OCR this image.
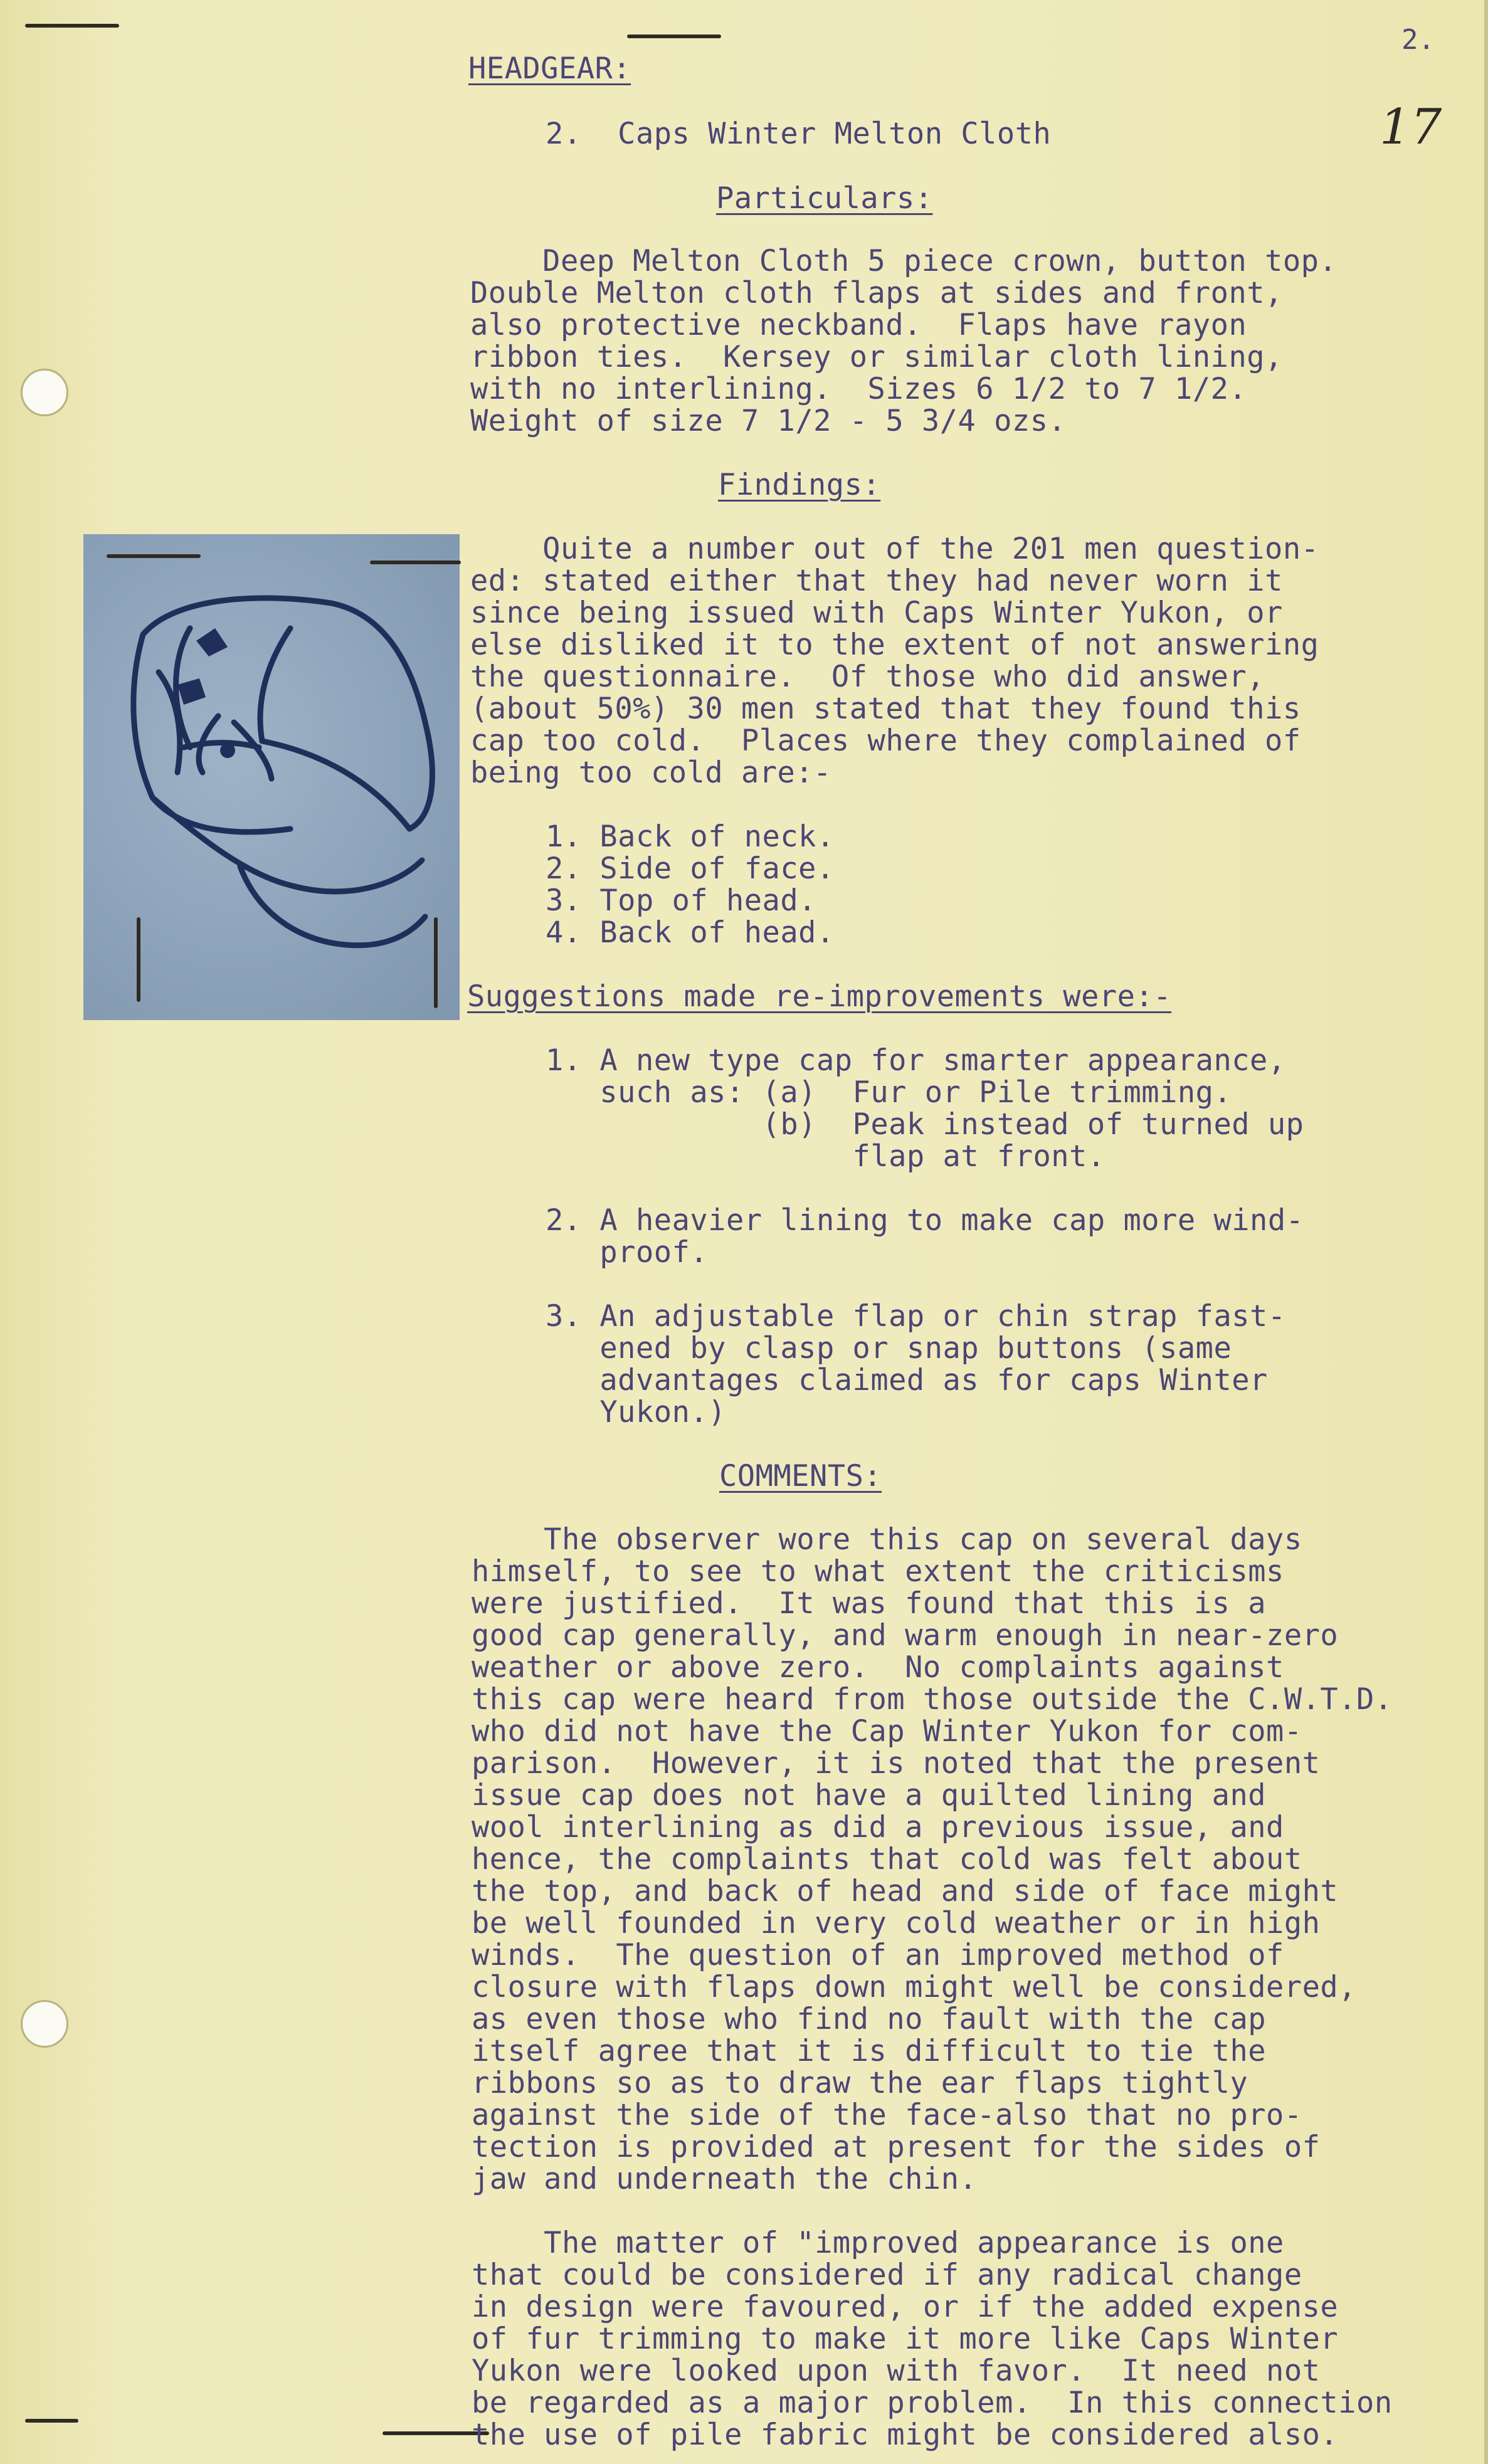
2.
17
HEADGEAR:
2.  Caps Winter Melton Cloth
Particulars:
Deep Melton Cloth 5 piece crown, button top.
Double Melton cloth flaps at sides and front,
also protective neckband.  Flaps have rayon
ribbon ties.  Kersey or similar cloth lining,
with no interlining.  Sizes 6 1/2 to 7 1/2.
Weight of size 7 1/2 - 5 3/4 ozs.
Findings:
Quite a number out of the 201 men question-
ed: stated either that they had never worn it
since being issued with Caps Winter Yukon, or
else disliked it to the extent of not answering
the questionnaire.  Of those who did answer,
(about 50%) 30 men stated that they found this
cap too cold.  Places where they complained of
being too cold are:-
1. Back of neck.
2. Side of face.
3. Top of head.
4. Back of head.
Suggestions made re-improvements were:-
1. A new type cap for smarter appearance,
such as: (a)  Fur or Pile trimming.
(b)  Peak instead of turned up
flap at front.
2. A heavier lining to make cap more wind-
proof.
3. An adjustable flap or chin strap fast-
ened by clasp or snap buttons (same
advantages claimed as for caps Winter
Yukon.)
COMMENTS:
The observer wore this cap on several days
himself, to see to what extent the criticisms
were justified.  It was found that this is a
good cap generally, and warm enough in near-zero
weather or above zero.  No complaints against
this cap were heard from those outside the C.W.T.D.
who did not have the Cap Winter Yukon for com-
parison.  However, it is noted that the present
issue cap does not have a quilted lining and
wool interlining as did a previous issue, and
hence, the complaints that cold was felt about
the top, and back of head and side of face might
be well founded in very cold weather or in high
winds.  The question of an improved method of
closure with flaps down might well be considered,
as even those who find no fault with the cap
itself agree that it is difficult to tie the
ribbons so as to draw the ear flaps tightly
against the side of the face-also that no pro-
tection is provided at present for the sides of
jaw and underneath the chin.
The matter of "improved appearance is one
that could be considered if any radical change
in design were favoured, or if the added expense
of fur trimming to make it more like Caps Winter
Yukon were looked upon with favor.  It need not
be regarded as a major problem.  In this connection
the use of pile fabric might be considered also.
